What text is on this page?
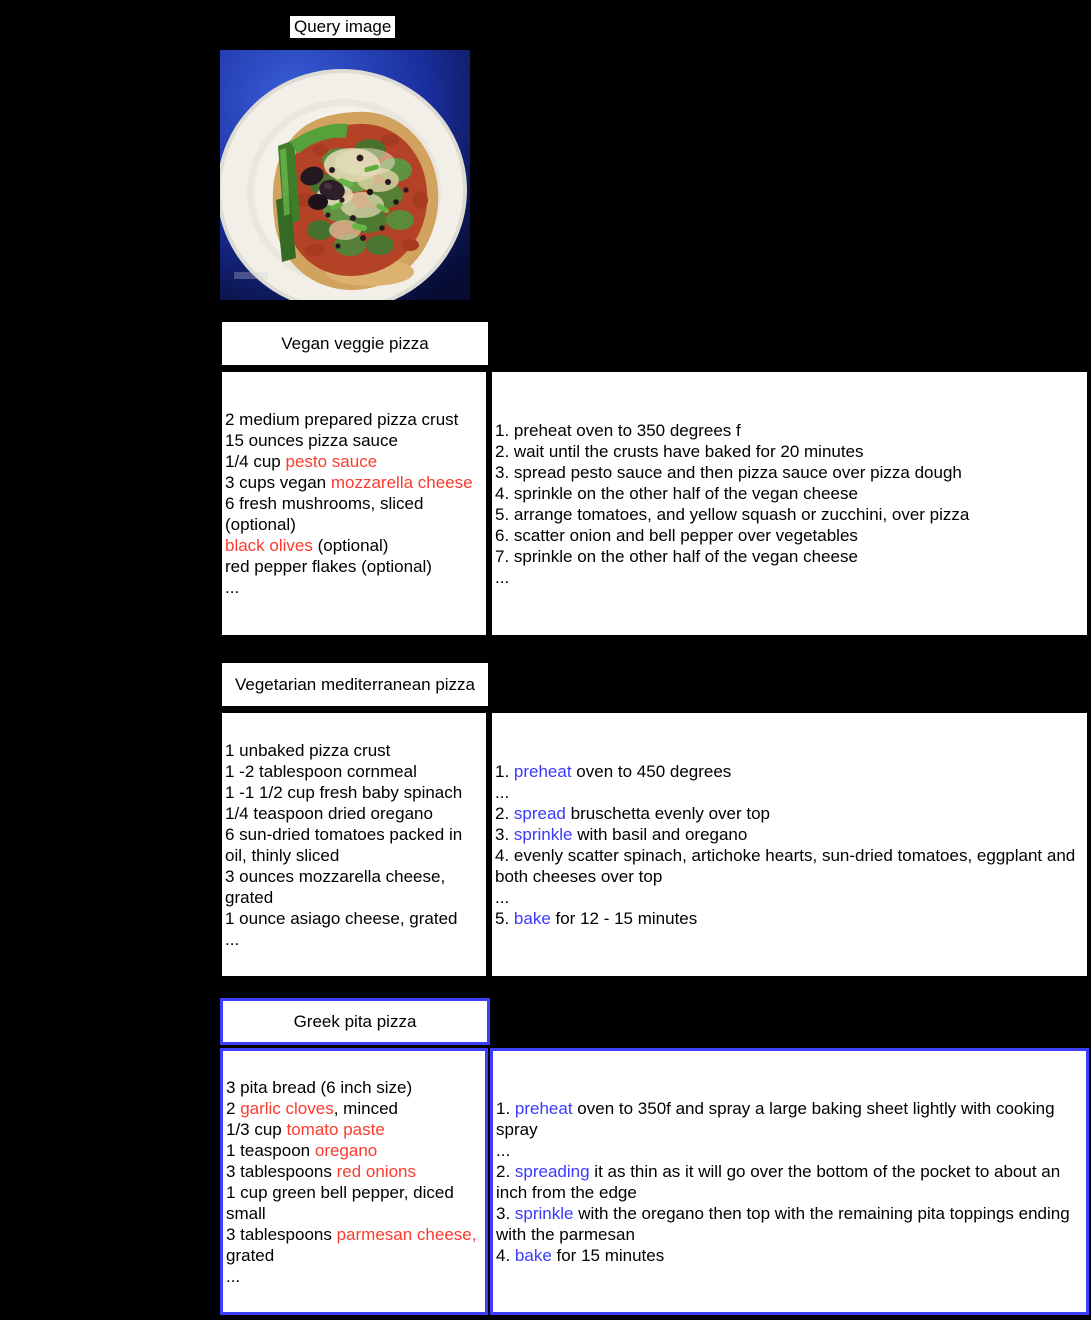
Query image
Vegan veggie pizza
2 medium prepared pizza crust
15 ounces pizza sauce
1/4 cup pesto sauce
3 cups vegan mozzarella cheese
6 fresh mushrooms, sliced (optional)
black olives (optional)
red pepper flakes (optional)
...
1. preheat oven to 350 degrees f
2. wait until the crusts have baked for 20 minutes
3. spread pesto sauce and then pizza sauce over pizza dough
4. sprinkle on the other half of the vegan cheese
5. arrange tomatoes, and yellow squash or zucchini, over pizza
6. scatter onion and bell pepper over vegetables
7. sprinkle on the other half of the vegan cheese
...
Vegetarian mediterranean pizza
1 unbaked pizza crust
1 -2 tablespoon cornmeal
1 -1 1/2 cup fresh baby spinach
1/4 teaspoon dried oregano
6 sun-dried tomatoes packed in oil, thinly sliced
3 ounces mozzarella cheese, grated
1 ounce asiago cheese, grated
...
1. preheat oven to 450 degrees
...
2. spread bruschetta evenly over top
3. sprinkle with basil and oregano
4. evenly scatter spinach, artichoke hearts, sun-dried tomatoes, eggplant and both cheeses over top
...
5. bake for 12 - 15 minutes
Greek pita pizza
3 pita bread (6 inch size)
2 garlic cloves, minced
1/3 cup tomato paste
1 teaspoon oregano
3 tablespoons red onions
1 cup green bell pepper, diced small
3 tablespoons parmesan cheese, grated
...
1. preheat oven to 350f and spray a large baking sheet lightly with cooking spray
...
2. spreading it as thin as it will go over the bottom of the pocket to about an inch from the edge
3. sprinkle with the oregano then top with the remaining pita toppings ending with the parmesan
4. bake for 15 minutes
